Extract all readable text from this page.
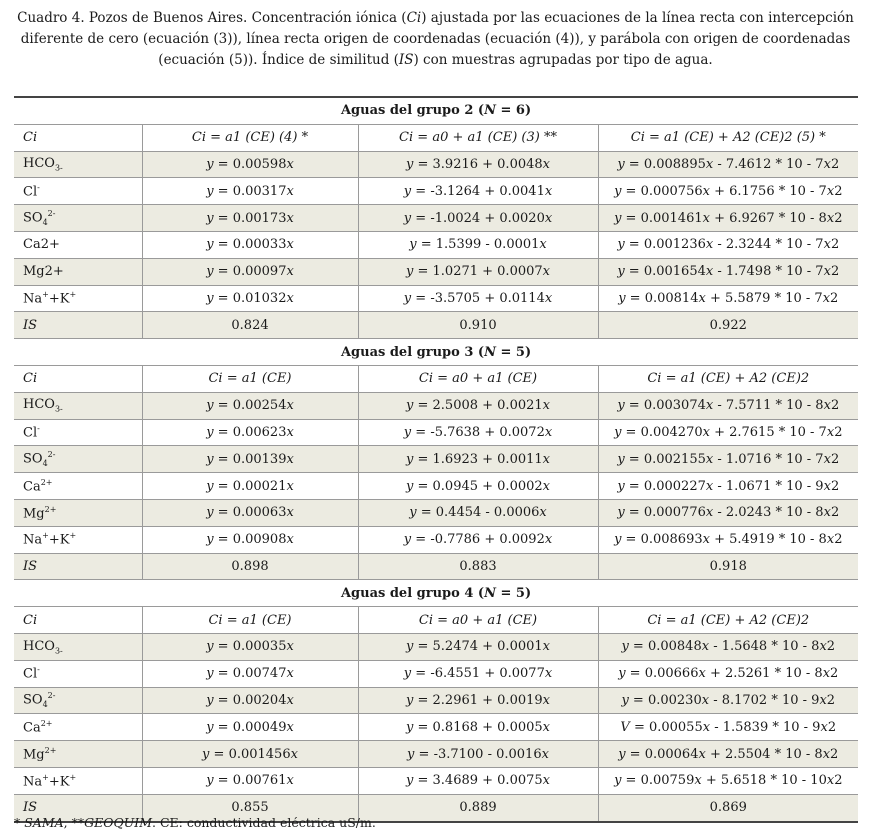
Cuadro 4. Pozos de Buenos Aires. Concentración iónica (Ci) ajustada por las ecuaciones de la línea recta con intercepción
diferente de cero (ecuación (3)), línea recta origen de coordenadas (ecuación (4)), y parábola con origen de coordenadas
(ecuación (5)). Índice de similitud (IS) con muestras agrupadas por tipo de agua.
Aguas del grupo 2 (N = 6)			
Ci	Ci = a1 (CE) (4) *	Ci = a0 + a1 (CE) (3) **	Ci = a1 (CE) + A2 (CE)2 (5) *
$HCO_{3-}$	y = 0.00598x	y = 3.9216 + 0.0048x	y = 0.008895x - 7.4612 * 10 - 7x2
Cl-	y = 0.00317x	y = -3.1264 + 0.0041x	y = 0.000756x + 6.1756 * 10 - 7x2
$SO_4^{2-}$	y = 0.00173x	y = -1.0024 + 0.0020x	y = 0.001461x + 6.9267 * 10 - 8x2
Ca2+	y = 0.00033x	y = 1.5399 - 0.0001x	y = 0.001236x - 2.3244 * 10 - 7x2
Mg2+	y = 0.00097x	y = 1.0271 + 0.0007x	y = 0.001654x - 1.7498 * 10 - 7x2
Na++K+	y = 0.01032x	y = -3.5705 + 0.0114x	y = 0.00814x + 5.5879 * 10 - 7x2
IS	0.824	0.910	0.922
Aguas del grupo 3 (N = 5)			
Ci	Ci = a1 (CE)	Ci = a0 + a1 (CE)	Ci = a1 (CE) + A2 (CE)2
$HCO_{3-}$	y = 0.00254x	y = 2.5008 + 0.0021x	y = 0.003074x - 7.5711 * 10 - 8x2
Cl-	y = 0.00623x	y = -5.7638 + 0.0072x	y = 0.004270x + 2.7615 * 10 - 7x2
$SO_4^{2-}$	y = 0.00139x	y = 1.6923 + 0.0011x	y = 0.002155x - 1.0716 * 10 - 7x2
$Ca^{2+}$	y = 0.00021x	y = 0.0945 + 0.0002x	y = 0.000227x - 1.0671 * 10 - 9x2
$Mg^{2+}$	y = 0.00063x	y = 0.4454 - 0.0006x	y = 0.000776x - 2.0243 * 10 - 8x2
Na++K+	y = 0.00908x	y = -0.7786 + 0.0092x	y = 0.008693x + 5.4919 * 10 - 8x2
IS	0.898	0.883	0.918
Aguas del grupo 4 (N = 5)			
Ci	Ci = a1 (CE)	Ci = a0 + a1 (CE)	Ci = a1 (CE) + A2 (CE)2
$HCO_{3-}$	y = 0.00035x	y = 5.2474 + 0.0001x	y = 0.00848x - 1.5648 * 10 - 8x2
Cl-	y = 0.00747x	y = -6.4551 + 0.0077x	y = 0.00666x + 2.5261 * 10 - 8x2
$SO_4^{2-}$	y = 0.00204x	y = 2.2961 + 0.0019x	y = 0.00230x - 8.1702 * 10 - 9x2
$Ca^{2+}$	y = 0.00049x	y = 0.8168 + 0.0005x	V = 0.00055x - 1.5839 * 10 - 9x2
$Mg^{2+}$	y = 0.001456x	y = -3.7100 - 0.0016x	y = 0.00064x + 2.5504 * 10 - 8x2
Na++K+	y = 0.00761x	y = 3.4689 + 0.0075x	y = 0.00759x + 5.6518 * 10 - 10x2
IS	0.855	0.889	0.869
* SAMA, **GEOQUIM. CE: conductividad eléctrica uS/m.
